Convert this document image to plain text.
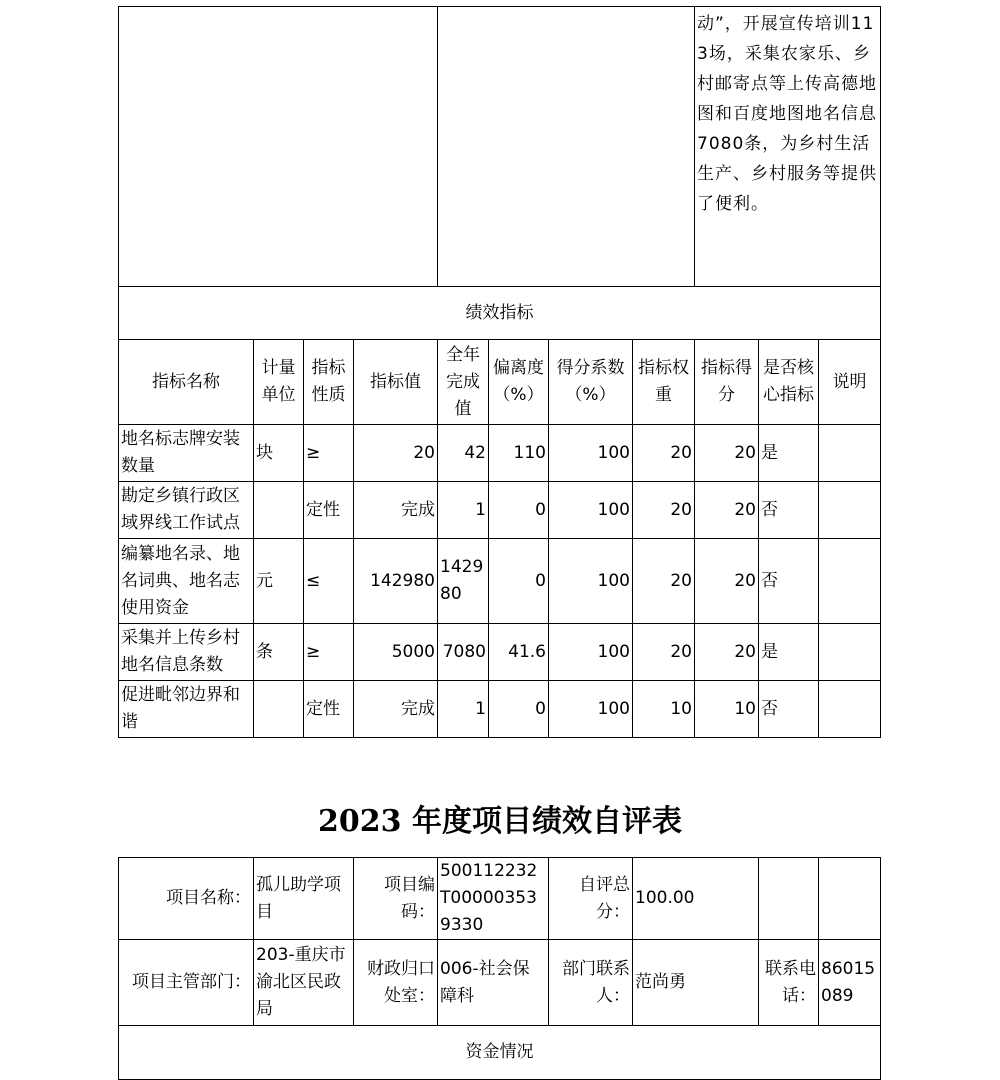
								动”，开展宣传培训113场，采集农家乐、乡村邮寄点等上传高德地图和百度地图地名信息7080条，为乡村生活生产、乡村服务等提供了便利。		
绩效指标										
指标名称	计量单位	指标性质	指标值	全年完成值	偏离度（%）	得分系数（%）	指标权重	指标得分	是否核心指标	说明
地名标志牌安装数量	块	≥	20	42	110	100	20	20	是	
勘定乡镇行政区域界线工作试点		定性	完成	1	0	100	20	20	否	
编纂地名录、地名词典、地名志使用资金	元	≤	142980	142980	0	100	20	20	否	
采集并上传乡村地名信息条数	条	≥	5000	7080	41.6	100	20	20	是	
促进毗邻边界和谐		定性	完成	1	0	100	10	10	否	
2023 年度项目绩效自评表
项目名称：	孤儿助学项目	项目编码：	500112232T000003539330	自评总分：	100.00		
项目主管部门：	203-重庆市渝北区民政局	财政归口处室：	006-社会保障科	部门联系人：	范尚勇	联系电话：	86015089
资金情况							
